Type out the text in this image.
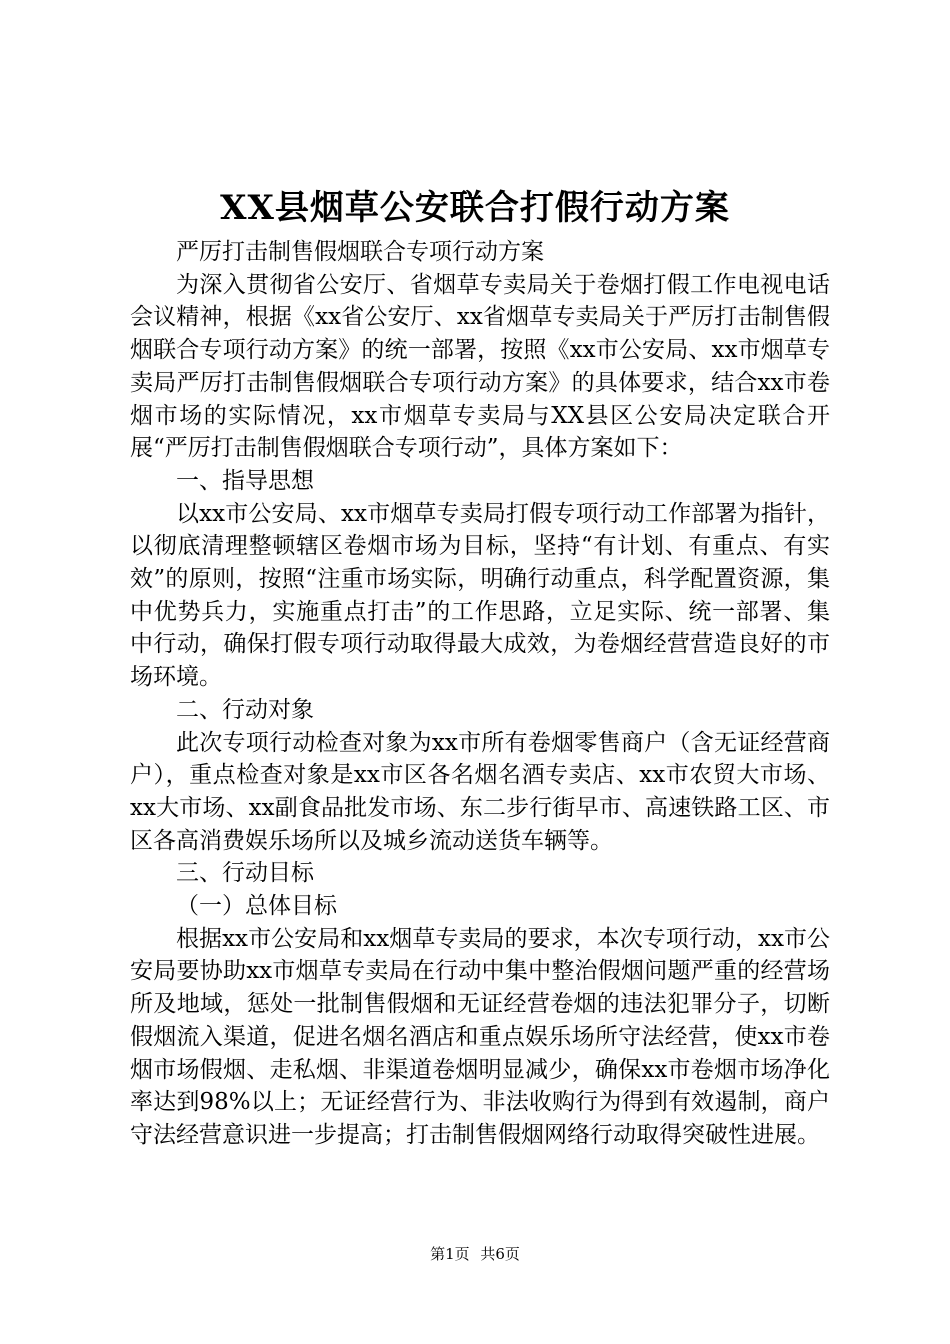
XX县烟草公安联合打假行动方案

严厉打击制售假烟联合专项行动方案

为深入贯彻省公安厅、省烟草专卖局关于卷烟打假工作电视电话会议精神，根据《xx省公安厅、xx省烟草专卖局关于严厉打击制售假烟联合专项行动方案》的统一部署，按照《xx市公安局、xx市烟草专卖局严厉打击制售假烟联合专项行动方案》的具体要求，结合xx市卷烟市场的实际情况，xx市烟草专卖局与XX县区公安局决定联合开展“严厉打击制售假烟联合专项行动”，具体方案如下：

一、指导思想

以xx市公安局、xx市烟草专卖局打假专项行动工作部署为指针，以彻底清理整顿辖区卷烟市场为目标，坚持“有计划、有重点、有实效”的原则，按照“注重市场实际，明确行动重点，科学配置资源，集中优势兵力，实施重点打击”的工作思路，立足实际、统一部署、集中行动，确保打假专项行动取得最大成效，为卷烟经营营造良好的市场环境。

二、行动对象

此次专项行动检查对象为xx市所有卷烟零售商户（含无证经营商户），重点检查对象是xx市区各名烟名酒专卖店、xx市农贸大市场、xx大市场、xx副食品批发市场、东二步行街早市、高速铁路工区、市区各高消费娱乐场所以及城乡流动送货车辆等。

三、行动目标

（一）总体目标

根据xx市公安局和xx烟草专卖局的要求，本次专项行动，xx市公安局要协助xx市烟草专卖局在行动中集中整治假烟问题严重的经营场所及地域，惩处一批制售假烟和无证经营卷烟的违法犯罪分子，切断假烟流入渠道，促进名烟名酒店和重点娱乐场所守法经营，使xx市卷烟市场假烟、走私烟、非渠道卷烟明显减少，确保xx市卷烟市场净化率达到98%以上；无证经营行为、非法收购行为得到有效遏制，商户守法经营意识进一步提高；打击制售假烟网络行动取得突破性进展。

第1页 共6页
